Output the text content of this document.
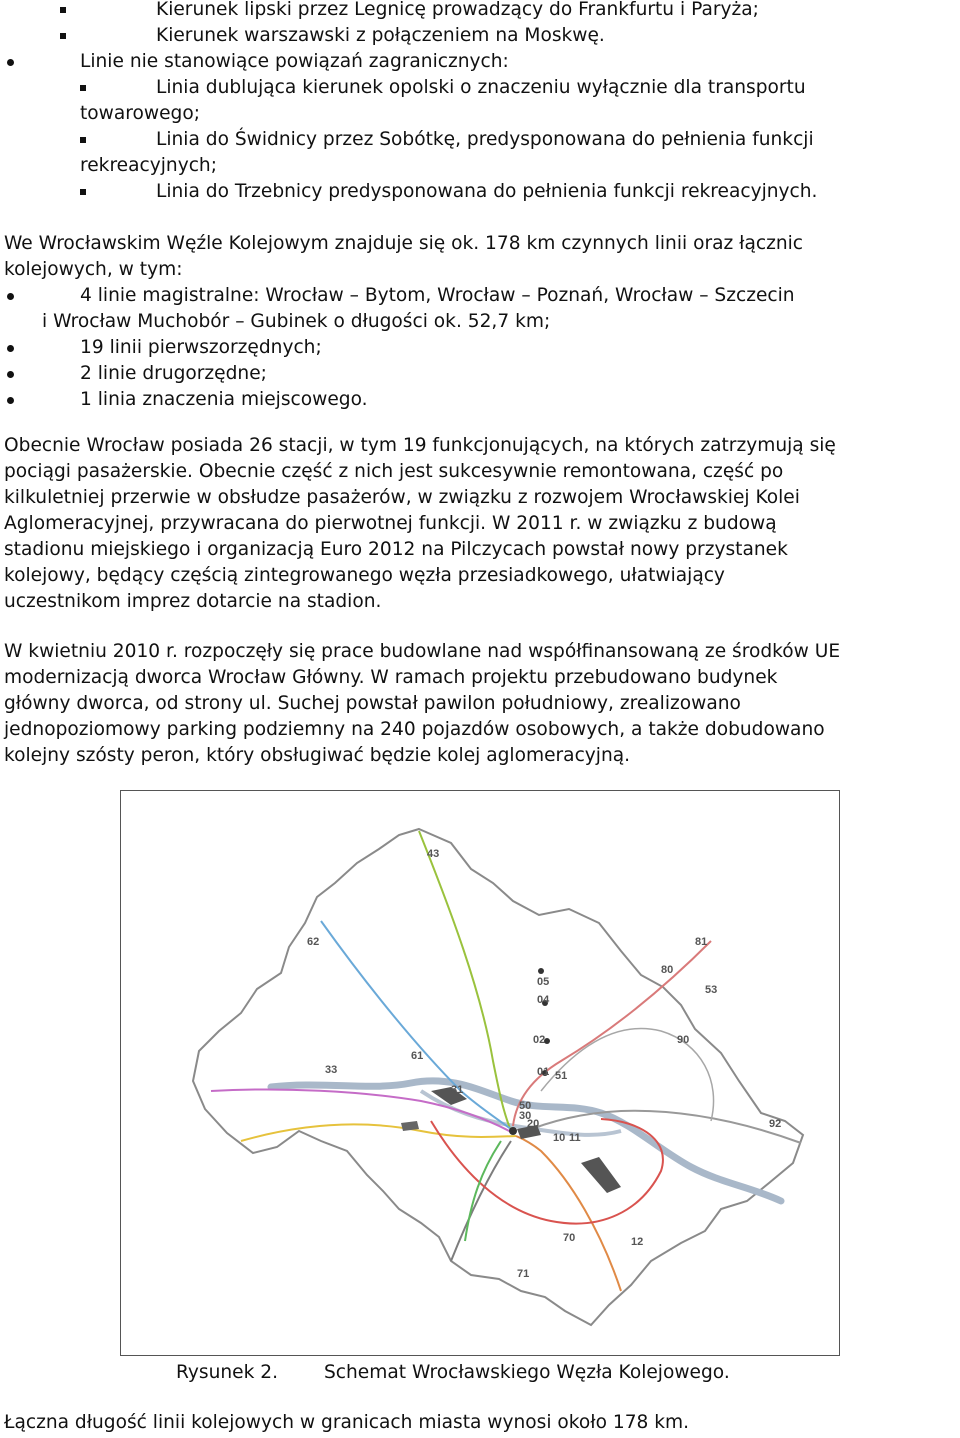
Kierunek lipski przez Legnicę prowadzący do Frankfurtu i Paryża;
Kierunek warszawski z połączeniem na Moskwę.
Linie nie stanowiące powiązań zagranicznych:
Linia dublująca kierunek opolski o znaczeniu wyłącznie dla transportu
towarowego;
Linia do Świdnicy przez Sobótkę, predysponowana do pełnienia funkcji
rekreacyjnych;
Linia do Trzebnicy predysponowana do pełnienia funkcji rekreacyjnych.
We Wrocławskim Węźle Kolejowym znajduje się ok. 178 km czynnych linii oraz łącznic
kolejowych, w tym:
4 linie magistralne: Wrocław – Bytom, Wrocław – Poznań, Wrocław – Szczecin
i Wrocław Muchobór – Gubinek o długości ok. 52,7 km;
19 linii pierwszorzędnych;
2 linie drugorzędne;
1 linia znaczenia miejscowego.
Obecnie Wrocław posiada 26 stacji, w tym 19 funkcjonujących, na których zatrzymują się
pociągi pasażerskie. Obecnie część z nich jest sukcesywnie remontowana, część po
kilkuletniej przerwie w obsłudze pasażerów, w związku z rozwojem Wrocławskiej Kolei
Aglomeracyjnej, przywracana do pierwotnej funkcji. W 2011 r. w związku z budową
stadionu miejskiego i organizacją Euro 2012 na Pilczycach powstał nowy przystanek
kolejowy, będący częścią zintegrowanego węzła przesiadkowego, ułatwiający
uczestnikom imprez dotarcie na stadion.
W kwietniu 2010 r. rozpoczęły się prace budowlane nad współfinansowaną ze środków UE
modernizacją dworca Wrocław Główny. W ramach projektu przebudowano budynek
główny dworca, od strony ul. Suchej powstał pawilon południowy, zrealizowano
jednopoziomowy parking podziemny na 240 pojazdów osobowych, a także dobudowano
kolejny szósty peron, który obsługiwać będzie kolej aglomeracyjną.
43
62	81
80
05
53
04
90
02
61
33	01 51
31
50
30
20
11
10
92
70	12
71
Rysunek 2. Schemat Wrocławskiego Węzła Kolejowego.
Łączna długość linii kolejowych w granicach miasta wynosi około 178 km.
